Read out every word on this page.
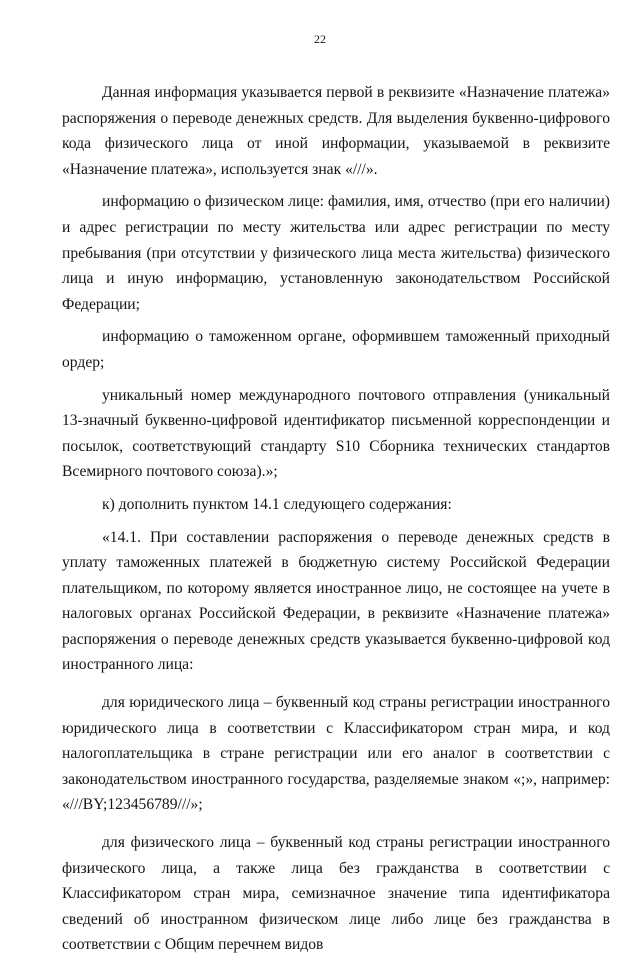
22

Данная информация указывается первой в реквизите «Назначение платежа» распоряжения о переводе денежных средств. Для выделения буквенно-цифрового кода физического лица от иной информации, указываемой в реквизите «Назначение платежа», используется знак «///».

информацию о физическом лице: фамилия, имя, отчество (при его наличии) и адрес регистрации по месту жительства или адрес регистрации по месту пребывания (при отсутствии у физического лица места жительства) физического лица и иную информацию, установленную законодательством Российской Федерации;

информацию о таможенном органе, оформившем таможенный приходный ордер;

уникальный номер международного почтового отправления (уникальный 13-значный буквенно-цифровой идентификатор письменной корреспонденции и посылок, соответствующий стандарту S10 Сборника технических стандартов Всемирного почтового союза).»;

к) дополнить пунктом 14.1 следующего содержания:

«14.1. При составлении распоряжения о переводе денежных средств в уплату таможенных платежей в бюджетную систему Российской Федерации плательщиком, по которому является иностранное лицо, не состоящее на учете в налоговых органах Российской Федерации, в реквизите «Назначение платежа» распоряжения о переводе денежных средств указывается буквенно-цифровой код иностранного лица:

для юридического лица – буквенный код страны регистрации иностранного юридического лица в соответствии с Классификатором стран мира, и код налогоплательщика в стране регистрации или его аналог в соответствии с законодательством иностранного государства, разделяемые знаком «;», например: «///BY;123456789///»;

для физического лица – буквенный код страны регистрации иностранного физического лица, а также лица без гражданства в соответствии с Классификатором стран мира, семизначное значение типа идентификатора сведений об иностранном физическом лице либо лице без гражданства в соответствии с Общим перечнем видов
